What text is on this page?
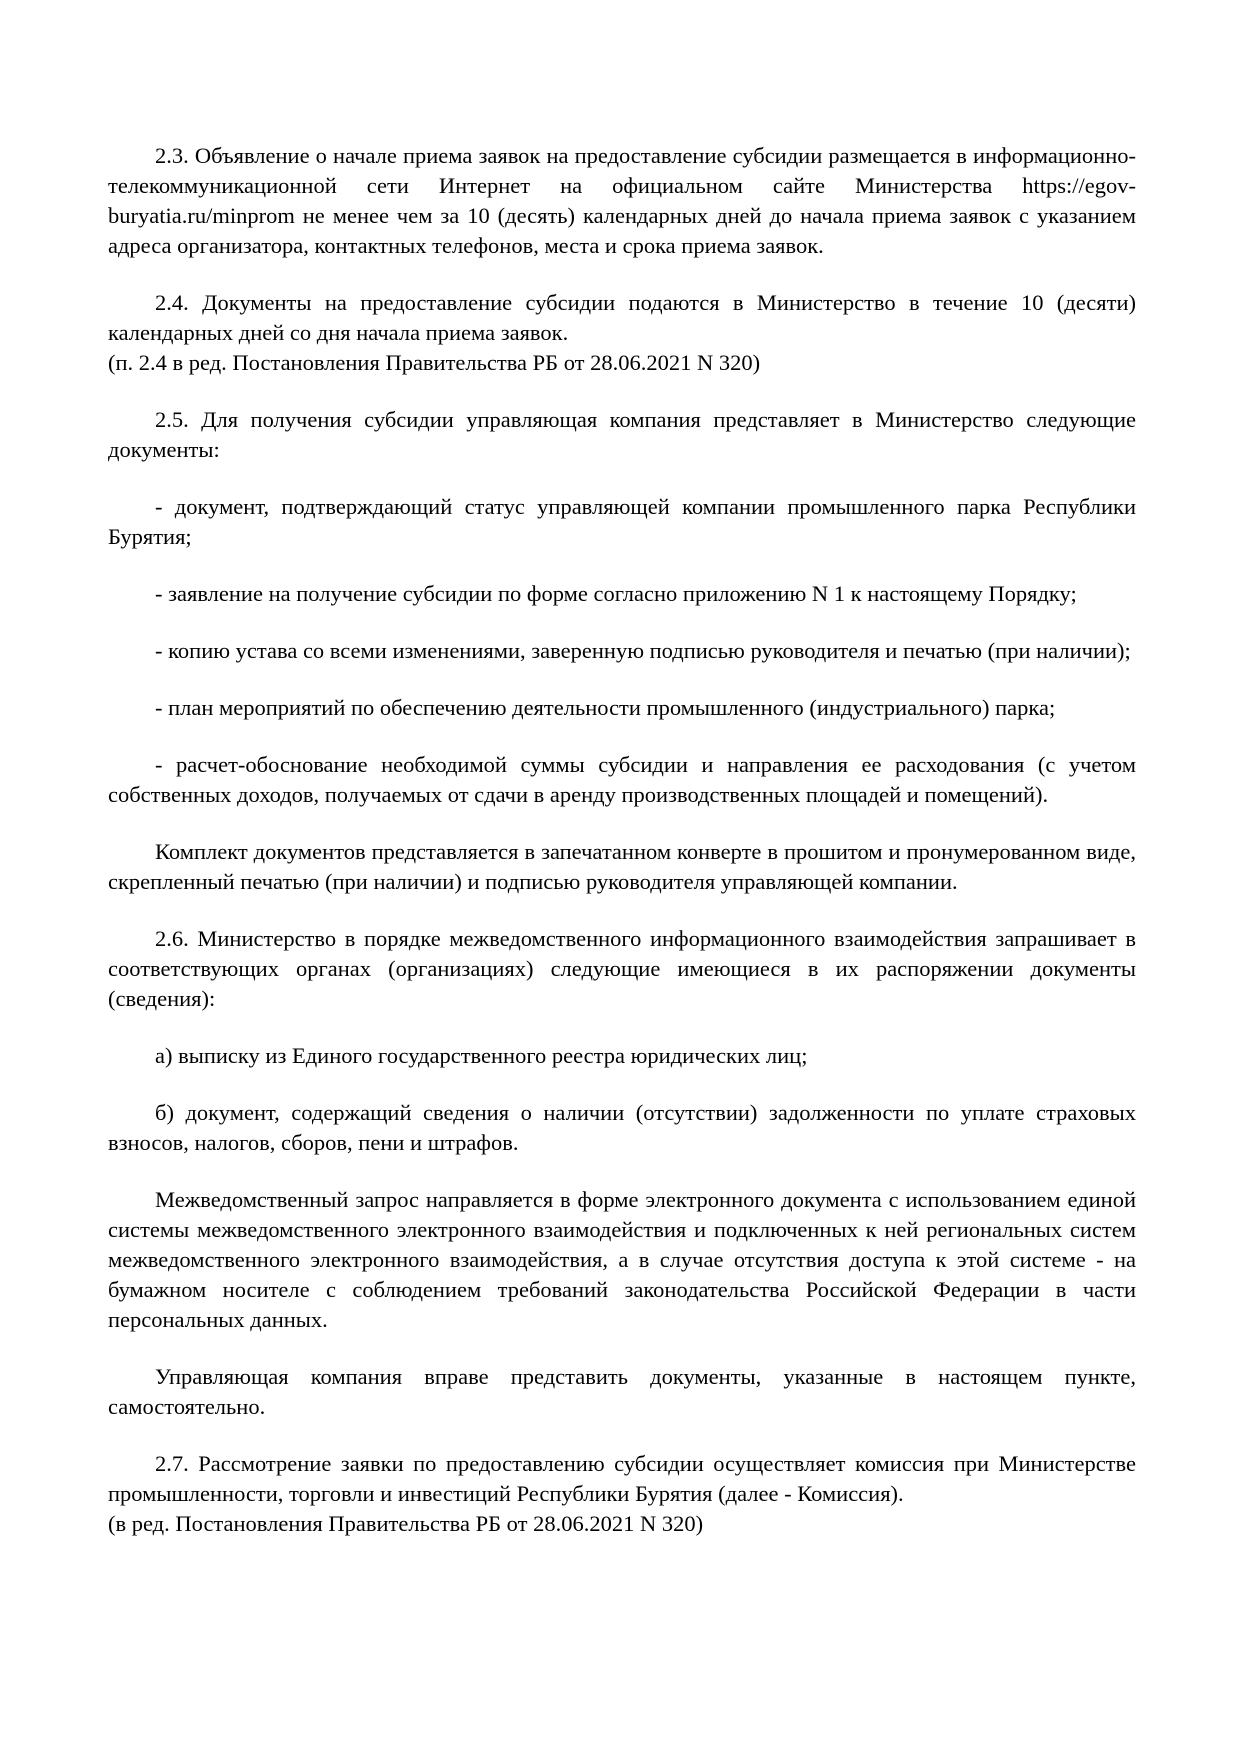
2.3. Объявление о начале приема заявок на предоставление субсидии размещается в информационно-телекоммуникационной сети Интернет на официальном сайте Министерства https://egov-buryatia.ru/minprom не менее чем за 10 (десять) календарных дней до начала приема заявок с указанием адреса организатора, контактных телефонов, места и срока приема заявок.

2.4. Документы на предоставление субсидии подаются в Министерство в течение 10 (десяти) календарных дней со дня начала приема заявок.

(п. 2.4 в ред. Постановления Правительства РБ от 28.06.2021 N 320)

2.5. Для получения субсидии управляющая компания представляет в Министерство следующие документы:

- документ, подтверждающий статус управляющей компании промышленного парка Республики Бурятия;

- заявление на получение субсидии по форме согласно приложению N 1 к настоящему Порядку;

- копию устава со всеми изменениями, заверенную подписью руководителя и печатью (при наличии);

- план мероприятий по обеспечению деятельности промышленного (индустриального) парка;

- расчет-обоснование необходимой суммы субсидии и направления ее расходования (с учетом собственных доходов, получаемых от сдачи в аренду производственных площадей и помещений).

Комплект документов представляется в запечатанном конверте в прошитом и пронумерованном виде, скрепленный печатью (при наличии) и подписью руководителя управляющей компании.

2.6. Министерство в порядке межведомственного информационного взаимодействия запрашивает в соответствующих органах (организациях) следующие имеющиеся в их распоряжении документы (сведения):

а) выписку из Единого государственного реестра юридических лиц;

б) документ, содержащий сведения о наличии (отсутствии) задолженности по уплате страховых взносов, налогов, сборов, пени и штрафов.

Межведомственный запрос направляется в форме электронного документа с использованием единой системы межведомственного электронного взаимодействия и подключенных к ней региональных систем межведомственного электронного взаимодействия, а в случае отсутствия доступа к этой системе - на бумажном носителе с соблюдением требований законодательства Российской Федерации в части персональных данных.

Управляющая компания вправе представить документы, указанные в настоящем пункте, самостоятельно.

2.7. Рассмотрение заявки по предоставлению субсидии осуществляет комиссия при Министерстве промышленности, торговли и инвестиций Республики Бурятия (далее - Комиссия).

(в ред. Постановления Правительства РБ от 28.06.2021 N 320)
